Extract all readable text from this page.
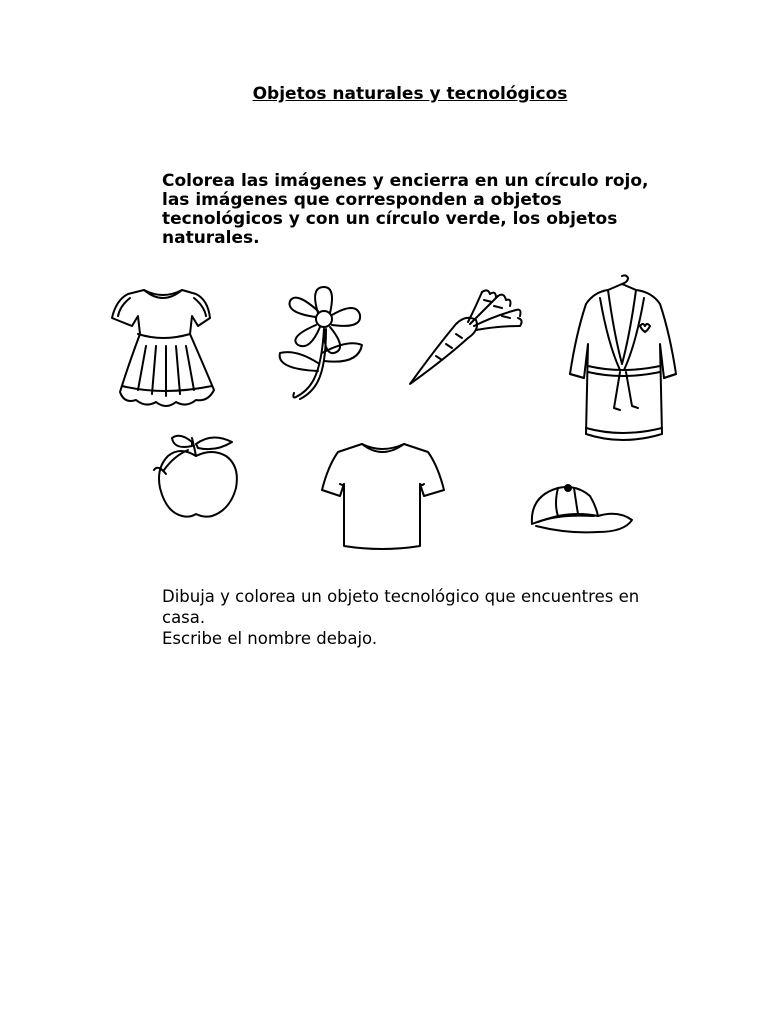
Objetos naturales y tecnológicos

Colorea las imágenes y encierra en un círculo rojo, las imágenes que corresponden a objetos tecnológicos y con un círculo verde, los objetos naturales.

Dibuja y colorea un objeto tecnológico que encuentres en casa.

Escribe el nombre debajo.
